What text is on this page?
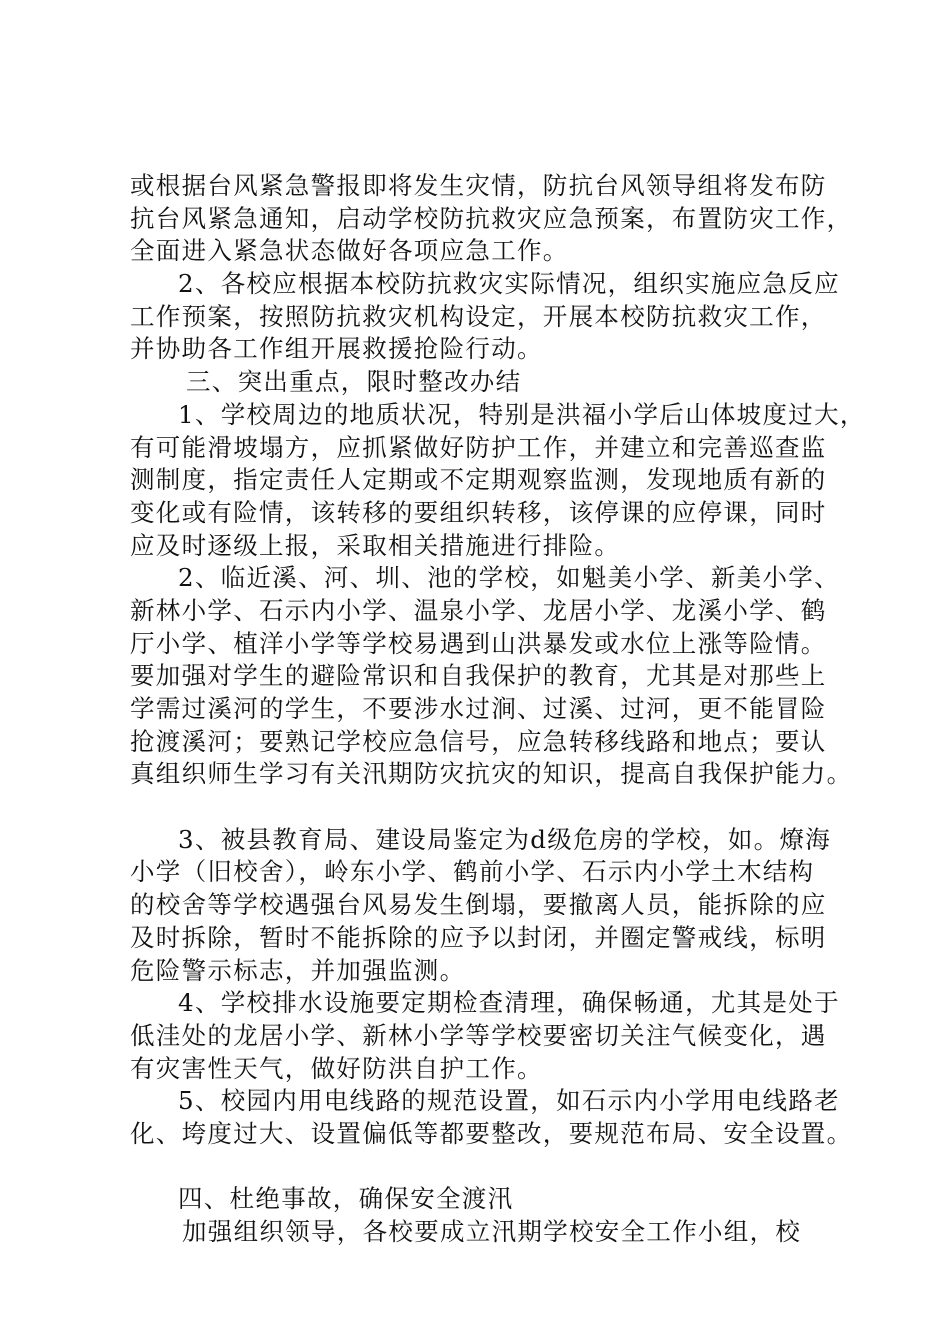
或根据台风紧急警报即将发生灾情，防抗台风领导组将发布防
抗台风紧急通知，启动学校防抗救灾应急预案，布置防灾工作，
全面进入紧急状态做好各项应急工作。
2、各校应根据本校防抗救灾实际情况，组织实施应急反应
工作预案，按照防抗救灾机构设定，开展本校防抗救灾工作，
并协助各工作组开展救援抢险行动。
三、突出重点，限时整改办结
1、学校周边的地质状况，特别是洪福小学后山体坡度过大，
有可能滑坡塌方，应抓紧做好防护工作，并建立和完善巡查监
测制度，指定责任人定期或不定期观察监测，发现地质有新的
变化或有险情，该转移的要组织转移，该停课的应停课，同时
应及时逐级上报，采取相关措施进行排险。
2、临近溪、河、圳、池的学校，如魁美小学、新美小学、
新林小学、石示内小学、温泉小学、龙居小学、龙溪小学、鹤
厅小学、植洋小学等学校易遇到山洪暴发或水位上涨等险情。
要加强对学生的避险常识和自我保护的教育，尤其是对那些上
学需过溪河的学生，不要涉水过涧、过溪、过河，更不能冒险
抢渡溪河；要熟记学校应急信号，应急转移线路和地点；要认
真组织师生学习有关汛期防灾抗灾的知识，提高自我保护能力。
3、被县教育局、建设局鉴定为d级危房的学校，如。燎海
小学（旧校舍），岭东小学、鹤前小学、石示内小学土木结构
的校舍等学校遇强台风易发生倒塌，要撤离人员，能拆除的应
及时拆除，暂时不能拆除的应予以封闭，并圈定警戒线，标明
危险警示标志，并加强监测。
4、学校排水设施要定期检查清理，确保畅通，尤其是处于
低洼处的龙居小学、新林小学等学校要密切关注气候变化，遇
有灾害性天气，做好防洪自护工作。
5、校园内用电线路的规范设置，如石示内小学用电线路老
化、垮度过大、设置偏低等都要整改，要规范布局、安全设置。
四、杜绝事故，确保安全渡汛
加强组织领导，各校要成立汛期学校安全工作小组，校
